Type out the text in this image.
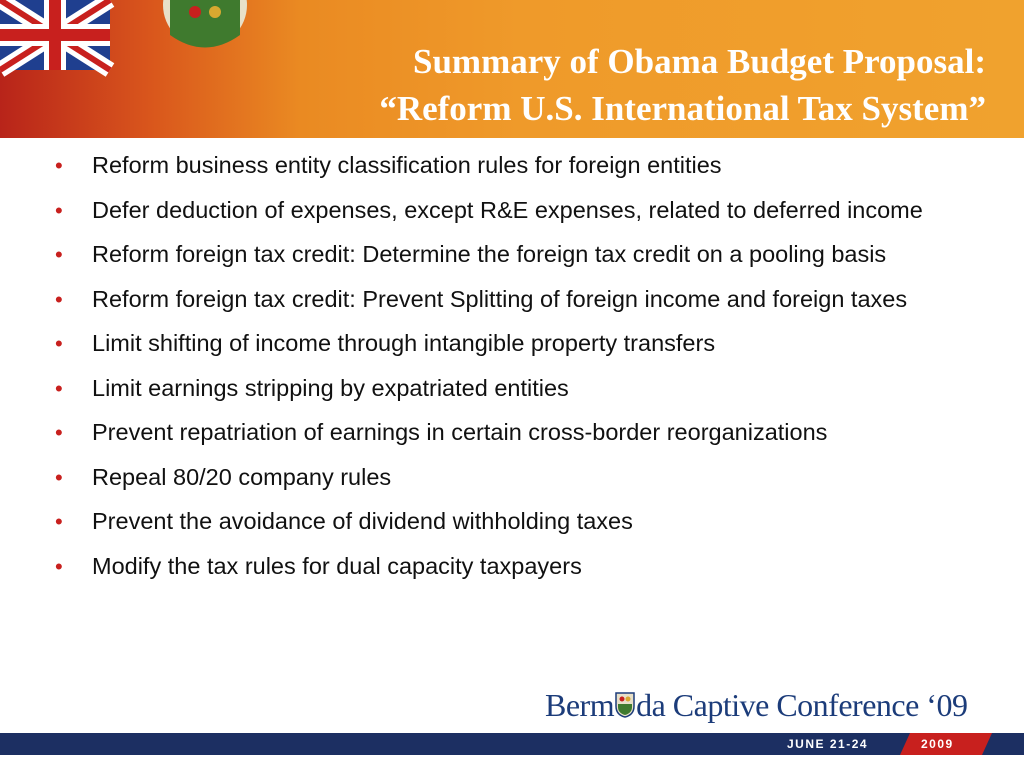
Summary of Obama Budget Proposal:
“Reform U.S. International Tax System”
• Reform business entity classification rules for foreign entities
• Defer deduction of expenses, except R&E expenses, related to deferred income
• Reform foreign tax credit: Determine the foreign tax credit on a pooling basis
• Reform foreign tax credit: Prevent Splitting of foreign income and foreign taxes
• Limit shifting of income through intangible property transfers
• Limit earnings stripping by expatriated entities
• Prevent repatriation of earnings in certain cross-border reorganizations
• Repeal 80/20 company rules
• Prevent the avoidance of dividend withholding taxes
• Modify the tax rules for dual capacity taxpayers
Berm da Captive Conference ‘09
JUNE 21-24	2009
